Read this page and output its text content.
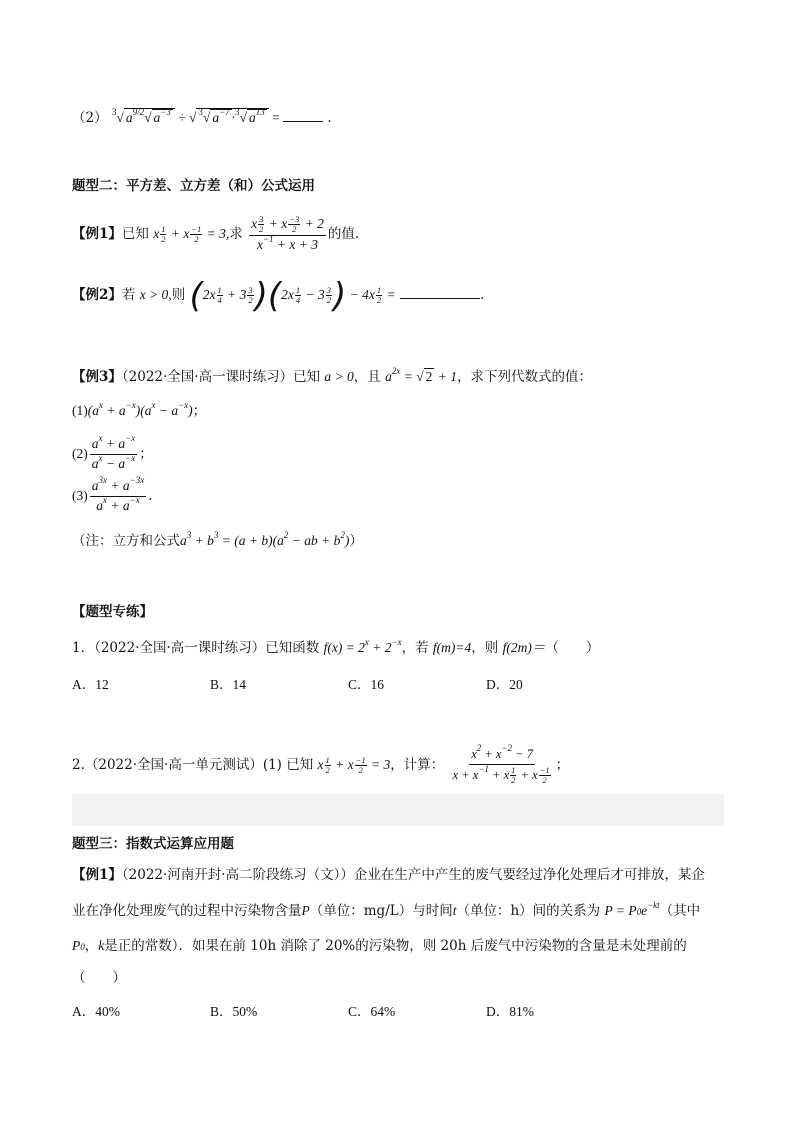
（2） $^3$√ $a^{9/2}√$ $a^{-3}$ ÷ √ $^3$√ $a^{-7} \cdot^3√$ $a^{13}$ =	.
题型二：平方差、立方差（和）公式运用
【例1】已知 x $\frac{1}{2} + x \frac{-1}{2} = 3$,求 $\frac{x \frac{3}{2} + x \frac{-3}{2} + 2}{x^{-1} + x + 3}$ 的值.
【例2】若 x > 0,则 $(2x \frac{1}{4} + 3 \frac{3}{2} )(2x \frac{1}{4} - 3 \frac{3}{2}$ ) − $4x \frac{1}{2}$ =	.
【例3】（2022·全国·高一课时练习）已知 a > 0，且 $a^{2x}$ = √ 2 + 1，求下列代数式的值：
$(1)(a^x + a^{-x})(a^x - a^{-x})$；
$(2) \frac{a^x + a^{-x}}{a^x - a^{-x}}$ ；
$(3) \frac{a^{3x} + a^{-3x}}{a^x + a^{-x}}$ .
（注：立方和公式$a^3 + b^3 = (a + b)(a^2$ − ab + $b^2$)）
【题型专练】
1．（2022·全国·高一课时练习）已知函数 $f(x) = 2^x + 2^{-x}$，若 f(m)=4，则 f(2m)＝（　　）
A．12	B．14	C．16	D．20
2.（2022·全国·高一单元测试）(1) 已知 x $\frac{1}{2} + x \frac{-1}{2} = 3$，计算： $\frac{x^2 + x^{-2} - 7}{x + x^{-1} + x \frac{1}{2} + x \frac{-1}{2}}$ ；
题型三：指数式运算应用题
【例1】（2022·河南开封·高二阶段练习（文））企业在生产中产生的废气要经过净化处理后才可排放，某企
业在净化处理废气的过程中污染物含量P（单位：mg/L）与时间t（单位：h）间的关系为 $P = P0e^{-kt}$（其中
P0，k是正的常数）．如果在前 10h 消除了 20%的污染物，则 20h 后废气中污染物的含量是未处理前的
（　　）
A．40%	B．50%	C．64%	D．81%
